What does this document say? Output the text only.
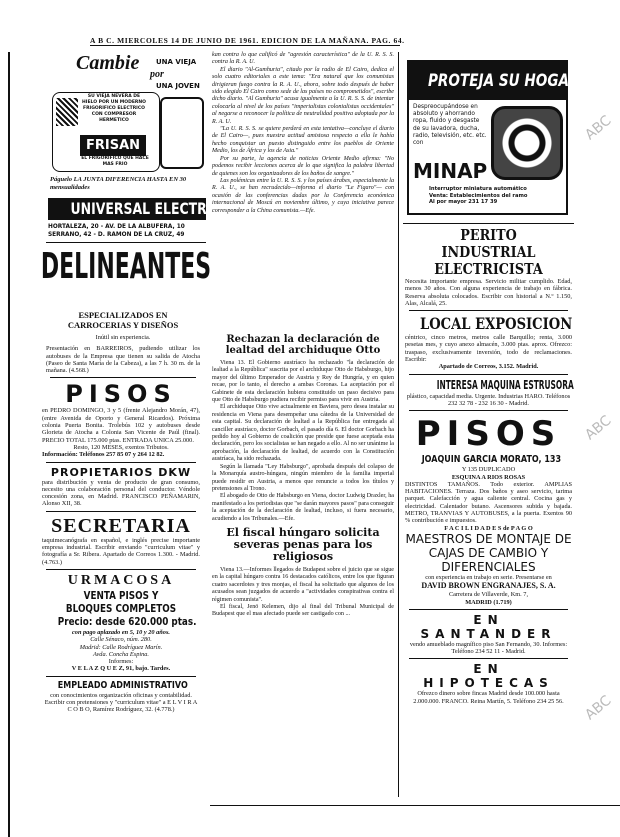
A B C. MIERCOLES 14 DE JUNIO DE 1961. EDICION DE LA MAÑANA. PAG. 64.
Cambie UNA VIEJA
por
UNA JOVEN
SU VIEJA NEVERA DE HIELO POR UN MODERNO FRIGORIFICO ELECTRICO CON COMPRESOR HERMETICO
FRISAN
EL FRIGORIFICO QUE HACE MAS FRIO
Páguelo LA JUNTA DIFERENCIA HASTA EN 30 mensualidades
UNIVERSAL ELECTRICA
HORTALEZA, 20 - AV. DE LA ALBUFERA, 10
SERRANO, 42 - D. RAMON DE LA CRUZ, 49
DELINEANTES
ESPECIALIZADOS EN CARROCERIAS Y DISEÑOS
Inútil sin experiencia.
Presentación en BARREIROS, pudiendo utilizar los autobuses de la Empresa que tienen su salida de Atocha (Paseo de Santa María de la Cabeza), a las 7 h. 30 m. de la mañana. (4.568.)
PISOS
en PEDRO DOMINGO, 3 y 5 (frente Alejandro Morán, 47), (entre Avenida de Oporto y General Ricardos). Próxima colonia Puerta Bonita. Trolebús 102 y autobuses desde Glorieta de Atocha a Colonia San Vicente de Paúl (final). PRECIO TOTAL 175.000 ptas. ENTRADA UNICA 25.000.
Resto, 120 MESES, exentos Tributos.
Información: Teléfonos 257 85 07 y 264 12 82.
PROPIETARIOS DKW
para distribución y venta de producto de gran consumo, necesito una colaboración personal del conductor. Véndole concesión zona, en Madrid. FRANCISCO PEÑAMARIN, Alonso XII, 38.
SECRETARIA
taquimecanógrafa en español, e inglés precise importante empresa industrial. Escribir enviando "curriculum vitae" y fotografía a Sr. Ribera. Apartado de Correos 1.300. - Madrid. (4.763.)
URMACOSA
VENTA PISOS Y
BLOQUES COMPLETOS
Precio: desde 620.000 ptas.
con pago aplazado en 5, 10 y 20 años.
Calle Sénaco, núm. 280.
Madrid: Calle Rodríguez Marín.
Avda. Concha Espina.
Informes:
V E L A Z Q U E Z, 91, bajo. Tardes.
EMPLEADO ADMINISTRATIVO
con conocimientos organización oficinas y contabilidad. Escribir con pretensiones y "curriculum vitae" a E L V I R A C O B O, Ramírez Rodríguez, 32. (4.778.)

kan contra lo que calificó de "agresión característica" de la U. R. S. S. contra la R. A. U.

El diario "Al-Gumhuria", citado por la radio de El Cairo, dedica el solo cuatro editoriales a este tema: "Era natural que los comunistas dirigieran fuego contra la R. A. U., ahora, sobre todo después de haber sido elegido El Cairo como sede de las países no comprometidos", escribe dicho diario. "Al Gumhuria" acusa igualmente a la U. R. S. S. de intentar colocarla al nivel de los países "imperialistas colonialistas occidentales" al negarse a reconocer la política de neutralidad positiva adoptada por la R. A. U.

"La U. R. S. S. se quiere perderá en esta tentativa—concluye el diario de El Cairo—, pues nuestra actitud amistosa respecto a ella le había hecho conquistar un puesto distinguido entre los pueblos de Oriente Medio, los de África y los de Asia."

Por su parte, la agencia de noticias Oriente Medio afirma: "No podemos recibir lecciones acerca de lo que significa la palabra libertad de quienes son los organizadores de los baños de sangre."

Las polémicas entre la U. R. S. S. y los países árabes, especialmente la R. A. U., se han recrudecido—informa el diario "Le Figaro"— con ocasión de las conferencias dadas por la Conferencia económica internacional de Moscú en noviembre último, y cuya iniciativa parece corresponder a la China comunista.—Efe.

Rechazan la declaración de lealtad del archiduque Otto

Viena 13. El Gobierno austríaco ha rechazado "la declaración de lealtad a la República" suscrita por el archiduque Otto de Habsburgo, hijo mayor del último Emperador de Austria y Rey de Hungría, y en quien recae, por lo tanto, el derecho a ambas Coronas. La aceptación por el Gabinete de esta declaración hubiera constituido un paso decisivo para que Otto de Habsburgo pudiera recibir permiso para vivir en Austria.

El archiduque Otto vive actualmente en Baviera, pero desea instalar su residencia en Viena para desempeñar una cátedra de la Universidad de esta capital. Su declaración de lealtad a la República fue entregada al canciller austríaco, doctor Gorbach, el pasado día 6. El doctor Gorbach ha pedido hoy al Gobierno de coalición que preside que fuese aceptada esta declaración, pero los socialistas se han negado a ello. Al no ser unánime la aprobación, la declaración de lealtad, de acuerdo con la Constitución austríaca, ha sido rechazada.

Según la llamada "Ley Habsburgo", aprobada después del colapso de la Monarquía austro-húngara, ningún miembro de la familia imperial puede residir en Austria, a menos que renuncie a todos los títulos y pretensiones al Trono.

El abogado de Otto de Habsburgo en Viena, doctor Ludwig Draxler, ha manifestado a los periodistas que "se darán mayores pasos" para conseguir la aceptación de la declaración de lealtad, incluso, si fuera necesario, acudiendo a los Tribunales.—Efe.

El fiscal húngaro solicita severas penas para los religiosos

Viena 13.—Informes llegados de Budapest sobre el juicio que se sigue en la capital húngaro contra 16 destacados católicos, entre los que figuran cuatro sacerdotes y tres monjas, el fiscal ha solicitado que algunos de los acusados sean juzgados de acuerdo a "actividades conspirativas contra el régimen comunista".

El fiscal, Jenö Kelemen, dijo al final del Tribunal Municipal de Budapest que el mas afectado puede ser castigado con ...

PROTEJA SU HOGAR
Despreocupándose en absoluto y ahorrando ropa, fluido y desgaste de su lavadora, ducha, radio, televisión, etc. etc. con
MINAP
Interruptor miniatura automático
Venta: Establecimientos del ramo
Al por mayor 231 17 39
PERITO INDUSTRIAL ELECTRICISTA
Necesita importante empresa. Servicio militar cumplido. Edad, menos 30 años. Con alguna experiencia de trabajo en fábrica. Reserva absoluta colocados. Escribir con historial a N.º 1.150, Alas, Alcalá, 25.
LOCAL EXPOSICION
céntrico, cinco metros, metros calle Barquillo; renta, 3.000 pesetas mes, y cuyo anexo almacén, 3.000 ptas. aprox. Ofrezco: traspaso, exclusivamente inversión, todo de reclamaciones. Escribir:
Apartado de Correos, 3.152. Madrid.
INTERESA MAQUINA ESTRUSORA
plástico, capacidad media. Urgente. Industrias HARO. Teléfonos 232 32 78 - 232 16 30 - Madrid.
PISOS
JOAQUIN GARCIA MORATO, 133
Y 135 DUPLICADO
ESQUINA A RIOS ROSAS
DISTINTOS TAMAÑOS. Todo exterior. AMPLIAS HABITACIONES. Terraza. Dos baños y aseo servicio, tarima parquet. Calefacción y agua caliente central. Cocina gas y electricidad. Calentador butano. Ascensores subida y bajada. METRO, TRANVIAS Y AUTOBUSES, a la puerta. Exentos 90 % contribución e impuestos.
F A C I L I D A D E S de P A G O
MAESTROS DE MONTAJE DE CAJAS DE CAMBIO Y DIFERENCIALES
con experiencia en trabajo en serie. Presentarse en
DAVID BROWN ENGRANAJES, S. A.
Carretera de Villaverde, Km. 7,
MADRID (1.719)
EN SANTANDER
vendo amueblado magnífico piso San Fernando, 30. Informes:
Teléfono 234 52 11 - Madrid.
EN HIPOTECAS
Ofrezco dinero sobre fincas Madrid desde 100.000 hasta 2.000.000. FRANCO. Reina Martín, 5. Teléfono 234 25 56.
ABC
ABC
ABC
